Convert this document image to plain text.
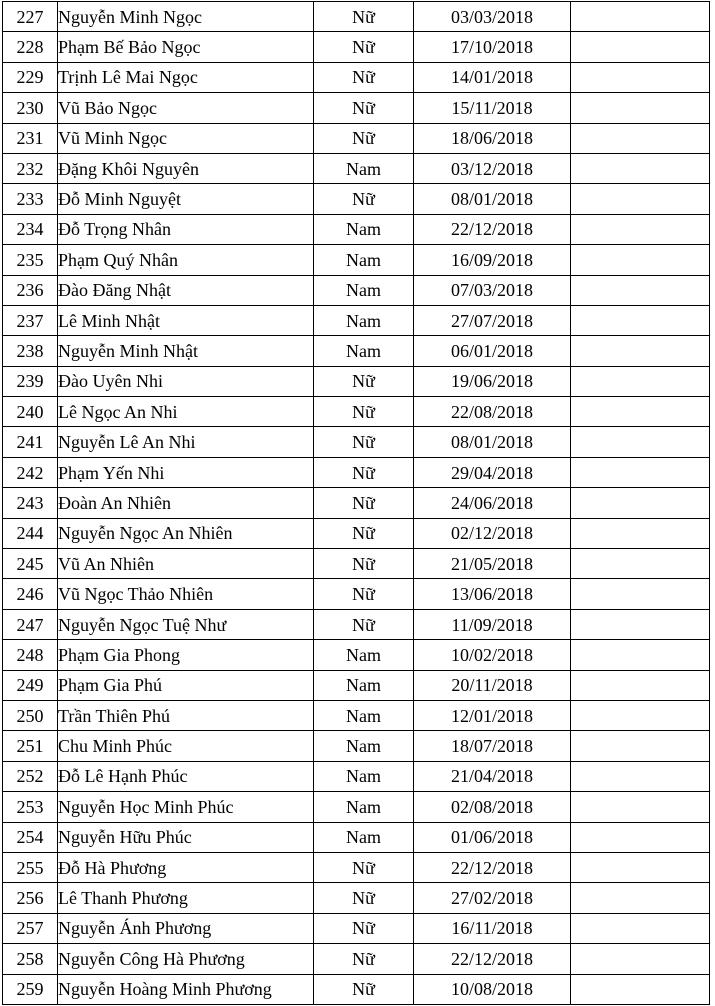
227	Nguyễn Minh Ngọc	Nữ	03/03/2018	
228	Phạm Bế Bảo Ngọc	Nữ	17/10/2018	
229	Trịnh Lê Mai Ngọc	Nữ	14/01/2018	
230	Vũ Bảo Ngọc	Nữ	15/11/2018	
231	Vũ Minh Ngọc	Nữ	18/06/2018	
232	Đặng Khôi Nguyên	Nam	03/12/2018	
233	Đỗ Minh Nguyệt	Nữ	08/01/2018	
234	Đỗ Trọng Nhân	Nam	22/12/2018	
235	Phạm Quý Nhân	Nam	16/09/2018	
236	Đào Đăng Nhật	Nam	07/03/2018	
237	Lê Minh Nhật	Nam	27/07/2018	
238	Nguyễn Minh Nhật	Nam	06/01/2018	
239	Đào Uyên Nhi	Nữ	19/06/2018	
240	Lê Ngọc An Nhi	Nữ	22/08/2018	
241	Nguyễn Lê An Nhi	Nữ	08/01/2018	
242	Phạm Yến Nhi	Nữ	29/04/2018	
243	Đoàn An Nhiên	Nữ	24/06/2018	
244	Nguyễn Ngọc An Nhiên	Nữ	02/12/2018	
245	Vũ An Nhiên	Nữ	21/05/2018	
246	Vũ Ngọc Thảo Nhiên	Nữ	13/06/2018	
247	Nguyễn Ngọc Tuệ Như	Nữ	11/09/2018	
248	Phạm Gia Phong	Nam	10/02/2018	
249	Phạm Gia Phú	Nam	20/11/2018	
250	Trần Thiên Phú	Nam	12/01/2018	
251	Chu Minh Phúc	Nam	18/07/2018	
252	Đỗ Lê Hạnh Phúc	Nam	21/04/2018	
253	Nguyễn Học Minh Phúc	Nam	02/08/2018	
254	Nguyễn Hữu Phúc	Nam	01/06/2018	
255	Đỗ Hà Phương	Nữ	22/12/2018	
256	Lê Thanh Phương	Nữ	27/02/2018	
257	Nguyễn Ánh Phương	Nữ	16/11/2018	
258	Nguyễn Công Hà Phương	Nữ	22/12/2018	
259	Nguyễn Hoàng Minh Phương	Nữ	10/08/2018	
